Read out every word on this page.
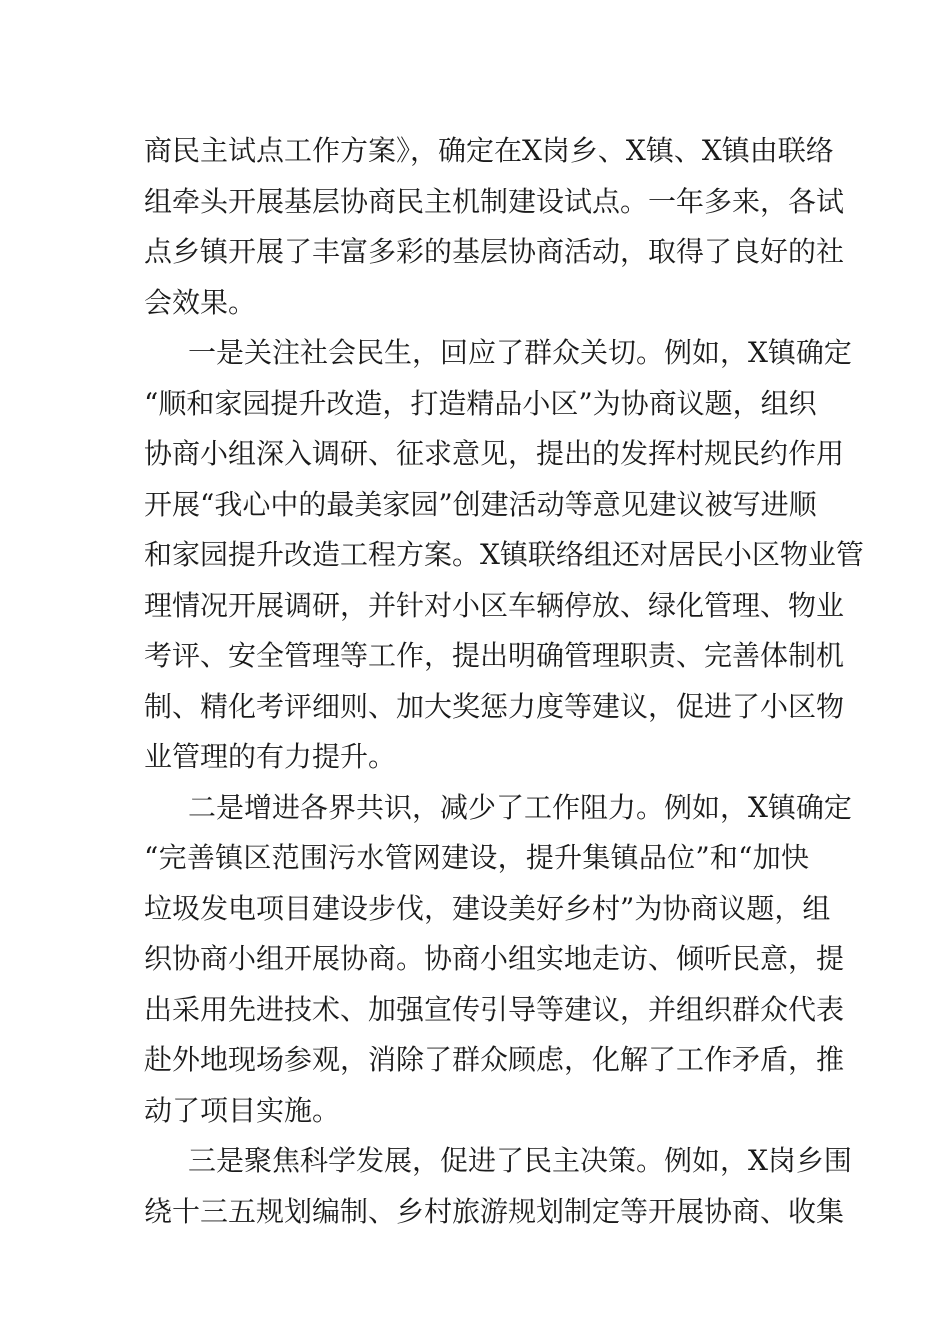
商民主试点工作方案》，确定在X岗乡、X镇、X镇由联络
组牵头开展基层协商民主机制建设试点。一年多来，各试
点乡镇开展了丰富多彩的基层协商活动，取得了良好的社
会效果。
一是关注社会民生，回应了群众关切。例如，X镇确定
“顺和家园提升改造，打造精品小区”为协商议题，组织
协商小组深入调研、征求意见，提出的发挥村规民约作用
开展“我心中的最美家园”创建活动等意见建议被写进顺
和家园提升改造工程方案。X镇联络组还对居民小区物业管
理情况开展调研，并针对小区车辆停放、绿化管理、物业
考评、安全管理等工作，提出明确管理职责、完善体制机
制、精化考评细则、加大奖惩力度等建议，促进了小区物
业管理的有力提升。
二是增进各界共识，减少了工作阻力。例如，X镇确定
“完善镇区范围污水管网建设，提升集镇品位”和“加快
垃圾发电项目建设步伐，建设美好乡村”为协商议题，组
织协商小组开展协商。协商小组实地走访、倾听民意，提
出采用先进技术、加强宣传引导等建议，并组织群众代表
赴外地现场参观，消除了群众顾虑，化解了工作矛盾，推
动了项目实施。
三是聚焦科学发展，促进了民主决策。例如，X岗乡围
绕十三五规划编制、乡村旅游规划制定等开展协商、收集
